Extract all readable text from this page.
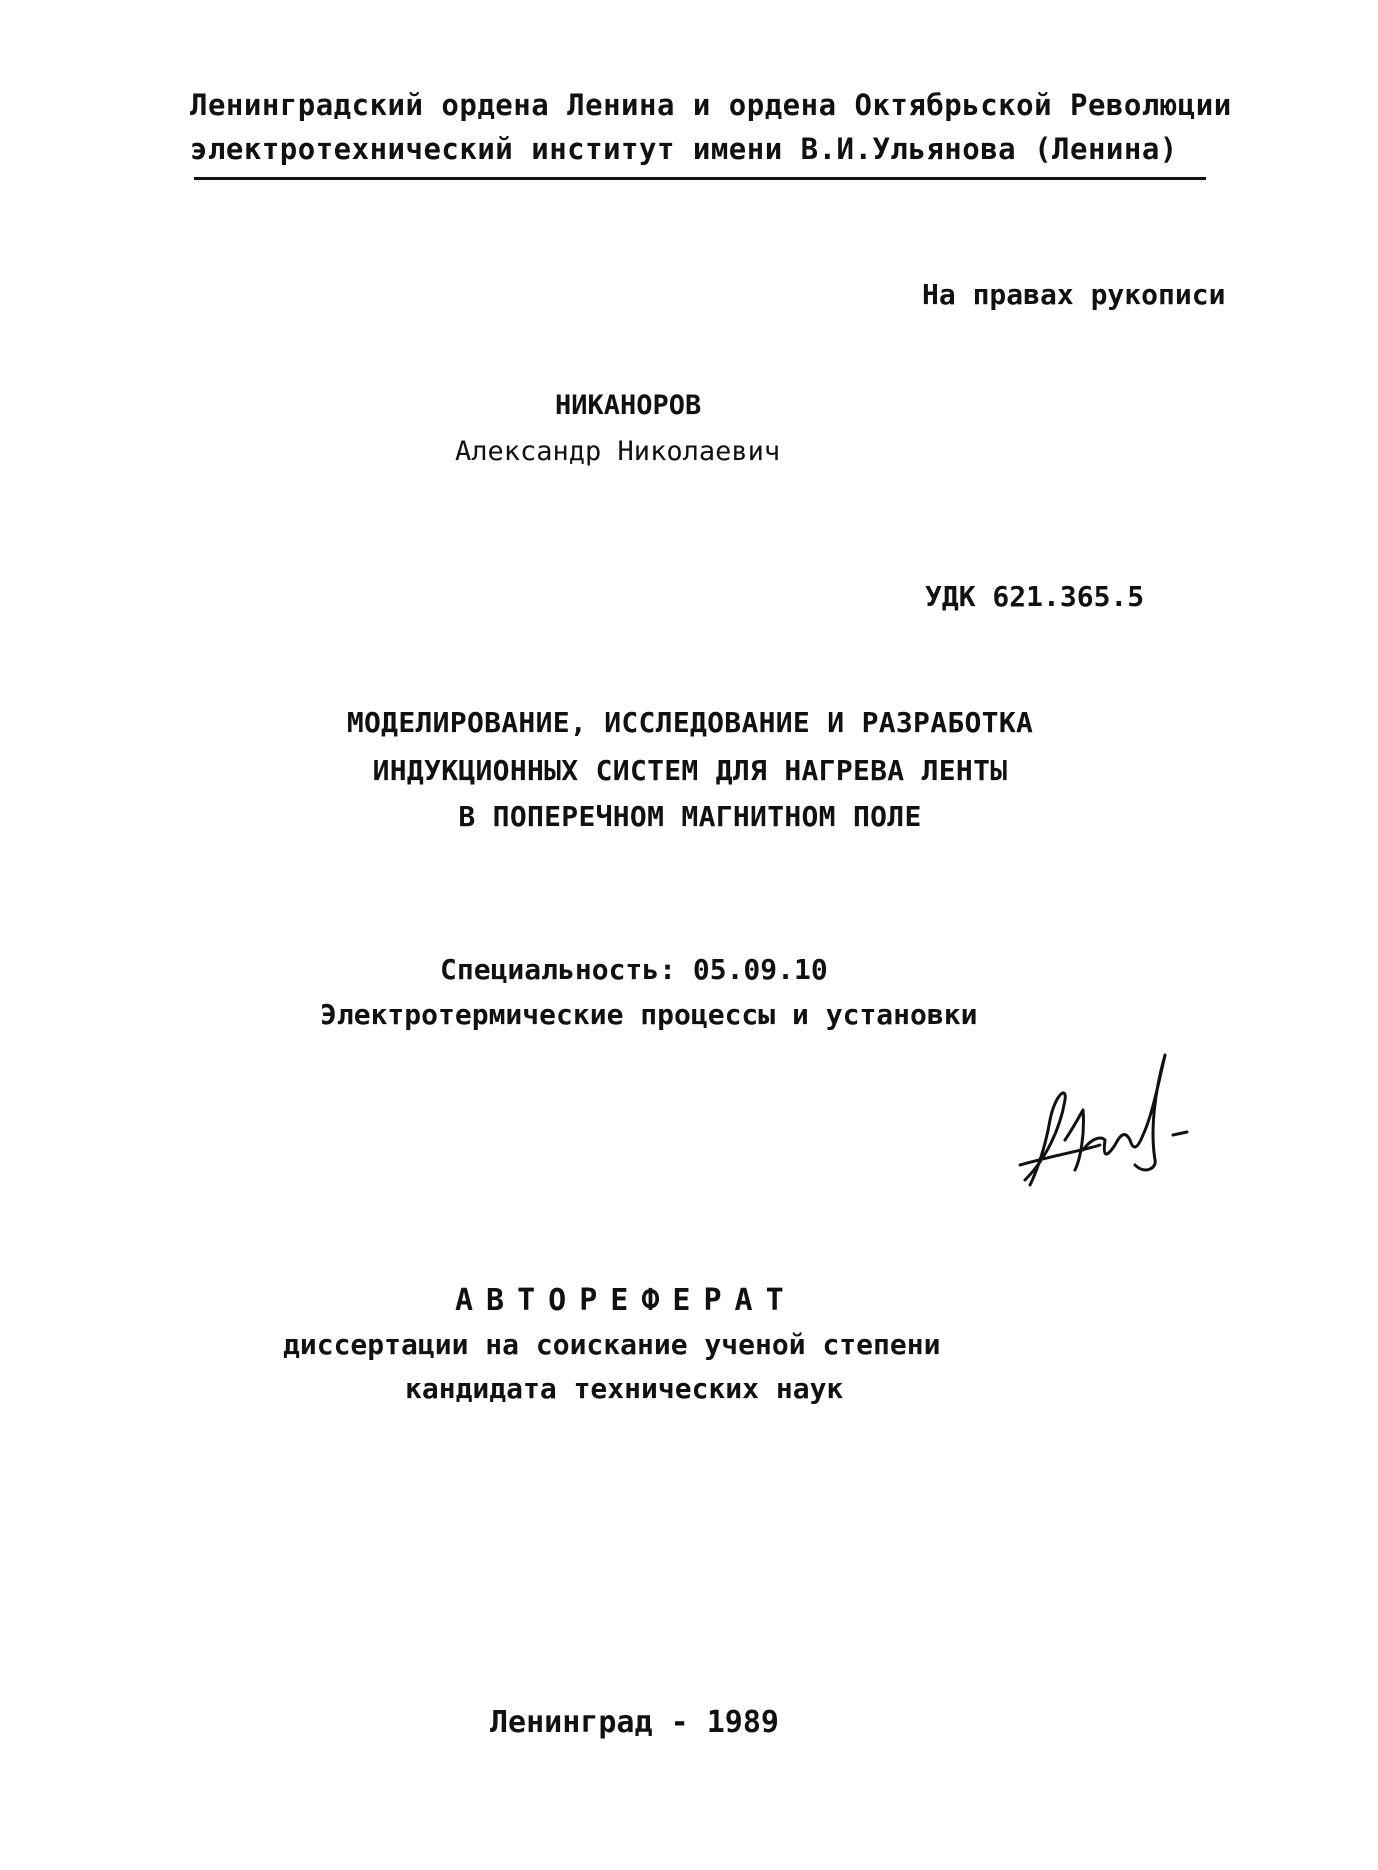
Ленинградский ордена Ленина и ордена Октябрьской Революции
электротехнический институт имени В.И.Ульянова (Ленина)
На правах рукописи
НИКАНОРОВ
Александр Николаевич
УДК 621.365.5
МОДЕЛИРОВАНИЕ, ИССЛЕДОВАНИЕ И РАЗРАБОТКА
ИНДУКЦИОННЫХ СИСТЕМ ДЛЯ НАГРЕВА ЛЕНТЫ
В ПОПЕРЕЧНОМ МАГНИТНОМ ПОЛЕ
Специальность: 05.09.10
Электротермические процессы и установки
АВТОРЕФЕРАТ
диссертации на соискание ученой степени
кандидата технических наук
Ленинград - 1989
